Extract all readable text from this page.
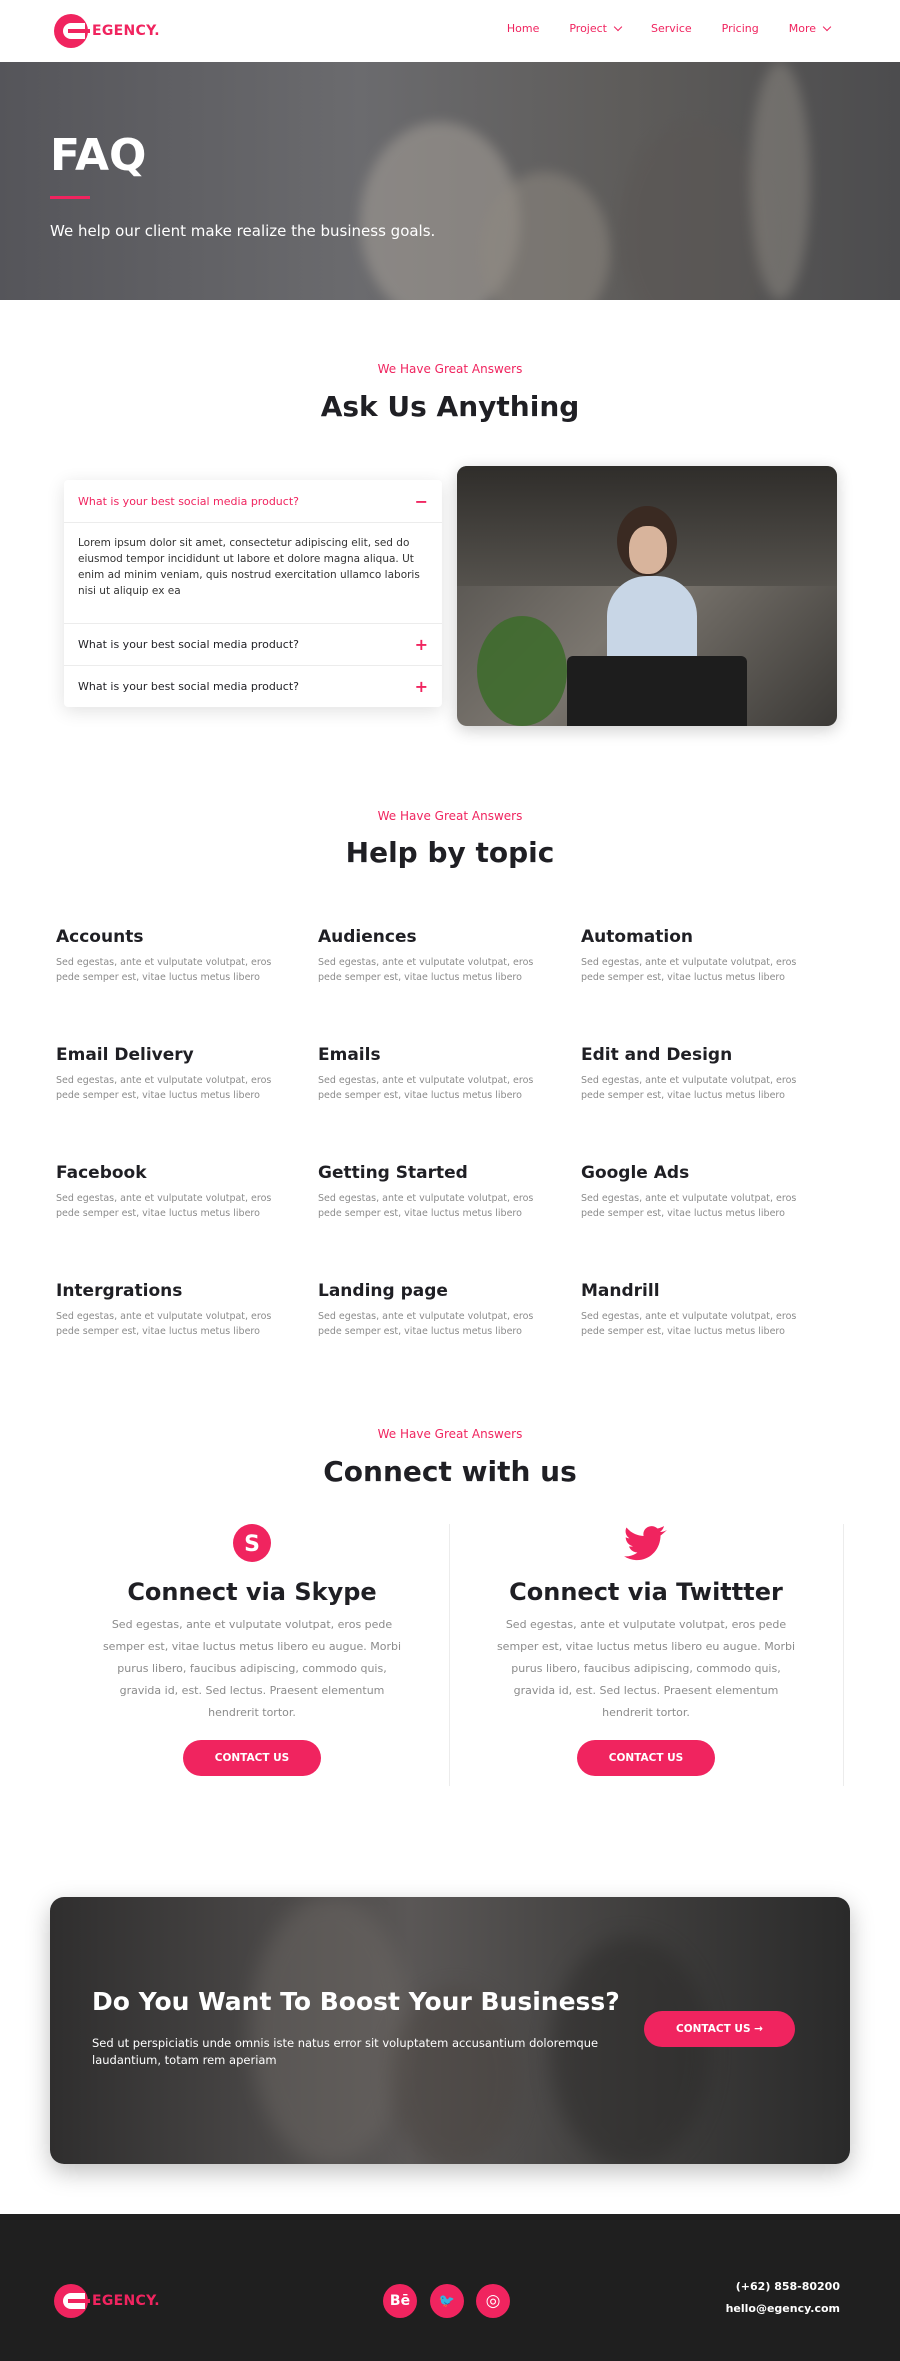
EGENCY.	Home	Project	Service	Pricing	More
FAQ
We help our client make realize the business goals.
We Have Great Answers
Ask Us Anything
What is your best social media product?	−
Lorem ipsum dolor sit amet, consectetur adipiscing elit, sed do eiusmod tempor incididunt ut labore et dolore magna aliqua. Ut enim ad minim veniam, quis nostrud exercitation ullamco laboris nisi ut aliquip ex ea
What is your best social media product?	+
What is your best social media product?	+
We Have Great Answers
Help by topic
Accounts
Sed egestas, ante et vulputate volutpat, eros pede semper est, vitae luctus metus libero
Audiences
Sed egestas, ante et vulputate volutpat, eros pede semper est, vitae luctus metus libero
Automation
Sed egestas, ante et vulputate volutpat, eros pede semper est, vitae luctus metus libero
Email Delivery
Sed egestas, ante et vulputate volutpat, eros pede semper est, vitae luctus metus libero
Emails
Sed egestas, ante et vulputate volutpat, eros pede semper est, vitae luctus metus libero
Edit and Design
Sed egestas, ante et vulputate volutpat, eros pede semper est, vitae luctus metus libero
Facebook
Sed egestas, ante et vulputate volutpat, eros pede semper est, vitae luctus metus libero
Getting Started
Sed egestas, ante et vulputate volutpat, eros pede semper est, vitae luctus metus libero
Google Ads
Sed egestas, ante et vulputate volutpat, eros pede semper est, vitae luctus metus libero
Intergrations
Sed egestas, ante et vulputate volutpat, eros pede semper est, vitae luctus metus libero
Landing page
Sed egestas, ante et vulputate volutpat, eros pede semper est, vitae luctus metus libero
Mandrill
Sed egestas, ante et vulputate volutpat, eros pede semper est, vitae luctus metus libero
We Have Great Answers
Connect with us
S
Connect via Skype
Sed egestas, ante et vulputate volutpat, eros pede semper est, vitae luctus metus libero eu augue. Morbi purus libero, faucibus adipiscing, commodo quis, gravida id, est. Sed lectus. Praesent elementum hendrerit tortor.
CONTACT US
Connect via Twittter
Sed egestas, ante et vulputate volutpat, eros pede semper est, vitae luctus metus libero eu augue. Morbi purus libero, faucibus adipiscing, commodo quis, gravida id, est. Sed lectus. Praesent elementum hendrerit tortor.
CONTACT US
Do You Want To Boost Your Business?
Sed ut perspiciatis unde omnis iste natus error sit voluptatem accusantium doloremque laudantium, totam rem aperiam
CONTACT US →
EGENCY.	Bē	🐦	◎
(+62) 858-80200
hello@egency.com
